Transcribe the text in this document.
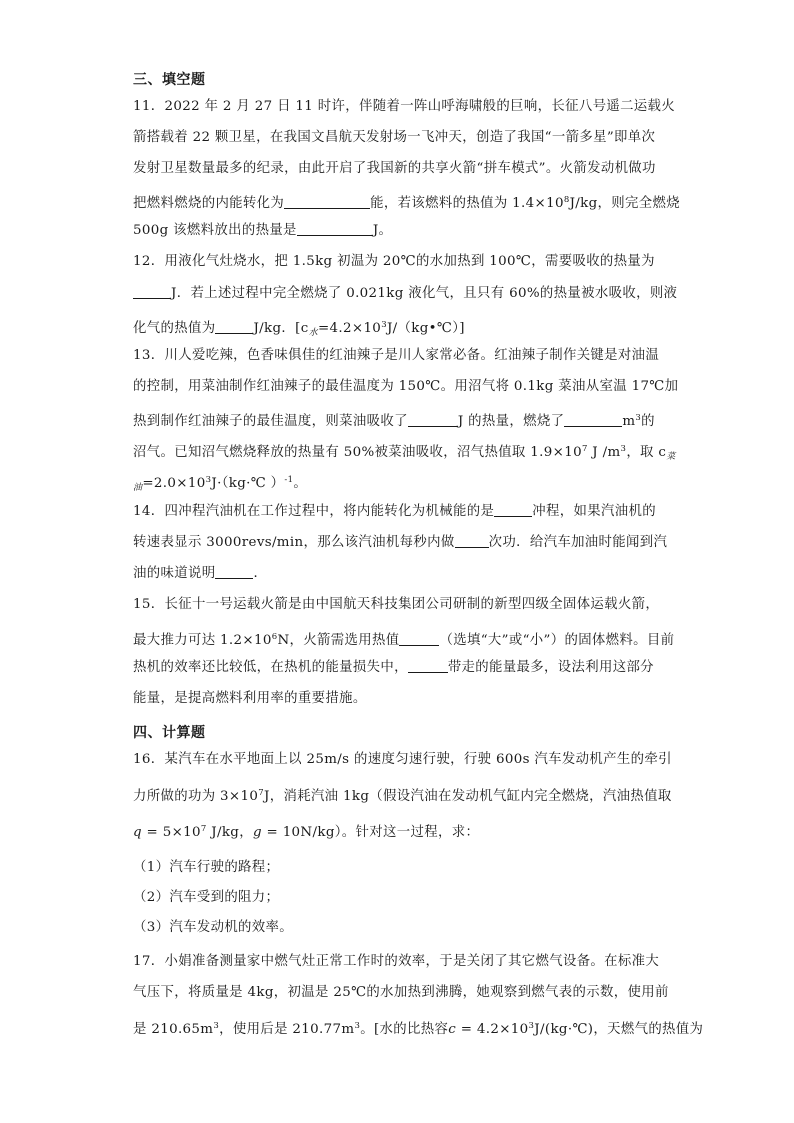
三、填空题
11．2022 年 2 月 27 日 11 时许，伴随着一阵山呼海啸般的巨响，长征八号遥二运载火
箭搭载着 22 颗卫星，在我国文昌航天发射场一飞冲天，创造了我国“一箭多星”即单次
发射卫星数量最多的纪录，由此开启了我国新的共享火箭“拼车模式”。火箭发动机做功
把燃料燃烧的内能转化为	能，若该燃料的热值为 $1.4\times 10^8J/kg$，则完全燃烧
500g 该燃料放出的热量是	J。
12．用液化气灶烧水，把 1.5kg 初温为 20℃的水加热到 100℃，需要吸收的热量为
J．若上述过程中完全燃烧了 0.021kg 液化气，且只有 60%的热量被水吸收，则液
化气的热值为	J/kg．$[c_水=4.2\times 10^3J/(kg•℃)]$
13．川人爱吃辣，色香味俱佳的红油辣子是川人家常必备。红油辣子制作关键是对油温
的控制，用菜油制作红油辣子的最佳温度为 150℃。用沼气将 0.1kg 菜油从室温 17℃加
热到制作红油辣子的最佳温度，则菜油吸收了	J 的热量，燃烧了	$m^3$的
沼气。已知沼气燃烧释放的热量有 50%被菜油吸收，沼气热值取 $1.9\times 10^7$ J $/m^3$，取 $c_菜$
$_油=2.0\times 10^3J\cdot(kg\cdot℃$ ）$^{-1}$。
14．四冲程汽油机在工作过程中，将内能转化为机械能的是	冲程，如果汽油机的
转速表显示 3000revs/min，那么该汽油机每秒内做	次功．给汽车加油时能闻到汽
油的味道说明	．
15．长征十一号运载火箭是由中国航天科技集团公司研制的新型四级全固体运载火箭，
最大推力可达 $1.2\times 10^6N$，火箭需选用热值	（选填“大”或“小”）的固体燃料。目前
热机的效率还比较低，在热机的能量损失中，	带走的能量最多，设法利用这部分
能量，是提高燃料利用率的重要措施。
四、计算题
16．某汽车在水平地面上以 25m/s 的速度匀速行驶，行驶 600s 汽车发动机产生的牵引
力所做的功为 $3\times 10^7J$，消耗汽油 1kg（假设汽油在发动机气缸内完全燃烧，汽油热值取
$q = 5\times 10^7$ J/kg，g = 10N/kg）。针对这一过程，求：
（1）汽车行驶的路程；
（2）汽车受到的阻力；
（3）汽车发动机的效率。
17．小娟准备测量家中燃气灶正常工作时的效率，于是关闭了其它燃气设备。在标准大
气压下，将质量是 4kg，初温是 25℃的水加热到沸腾，她观察到燃气表的示数，使用前
是 $210.65m^3$，使用后是 $210.77m^3$。[水的比热容$c = 4.2\times 10^3J/(kg\cdot℃)$，天燃气的热值为
